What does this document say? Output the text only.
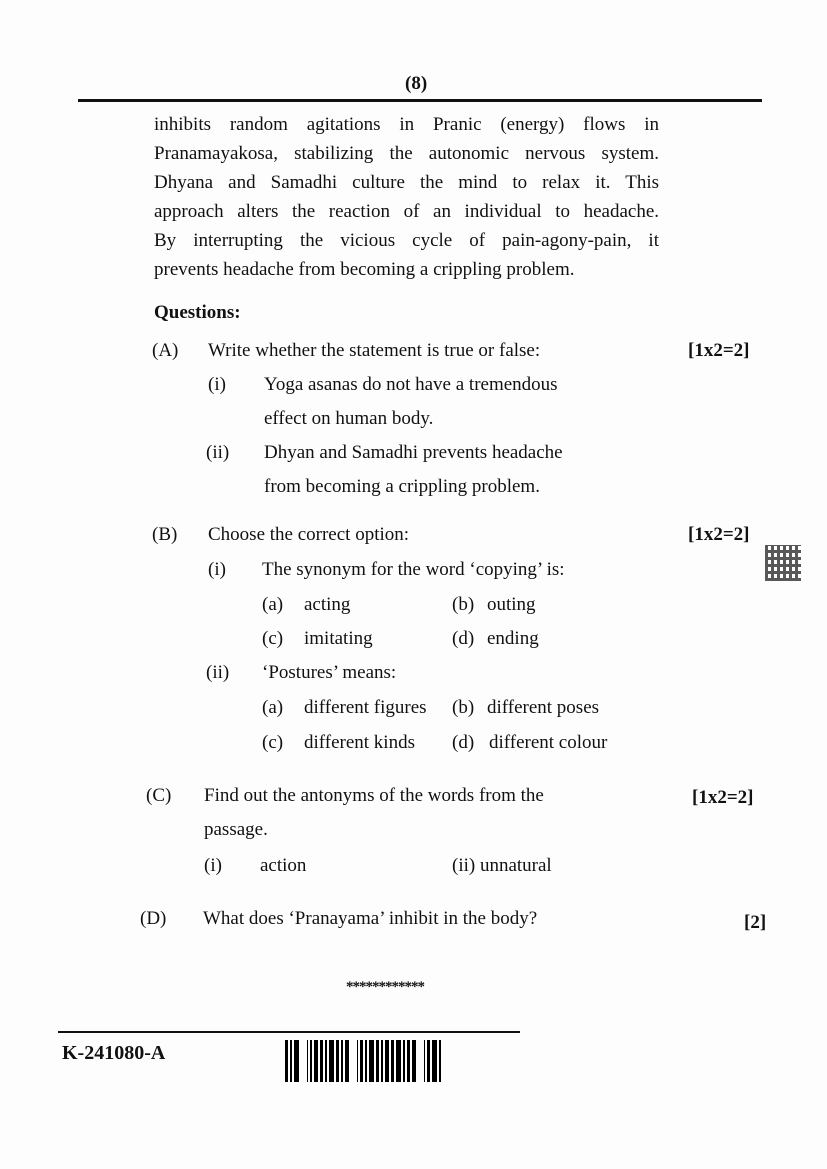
(8)
inhibits random agitations in Pranic (energy) flows in
Pranamayakosa, stabilizing the autonomic nervous system.
Dhyana and Samadhi culture the mind to relax it. This
approach alters the reaction of an individual to headache.
By interrupting the vicious cycle of pain-agony-pain, it
prevents headache from becoming a crippling problem.
Questions:
(A) Write whether the statement is true or false:	[1x2=2]
(i) Yoga asanas do not have a tremendous
effect on human body.
(ii) Dhyan and Samadhi prevents headache
from becoming a crippling problem.
(B) Choose the correct option:	[1x2=2]
(i) The synonym for the word ‘copying’ is:
(a) acting	(b) outing
(c) imitating	(d) ending
(ii) ‘Postures’ means:
(a) different figures (b) different poses
(c) different kinds (d) different colour
(C) Find out the antonyms of the words from the	[1x2=2]
passage.
(i) action	(ii) unnatural
(D) What does ‘Pranayama’ inhibit in the body?	[2]
************
K-241080-A
